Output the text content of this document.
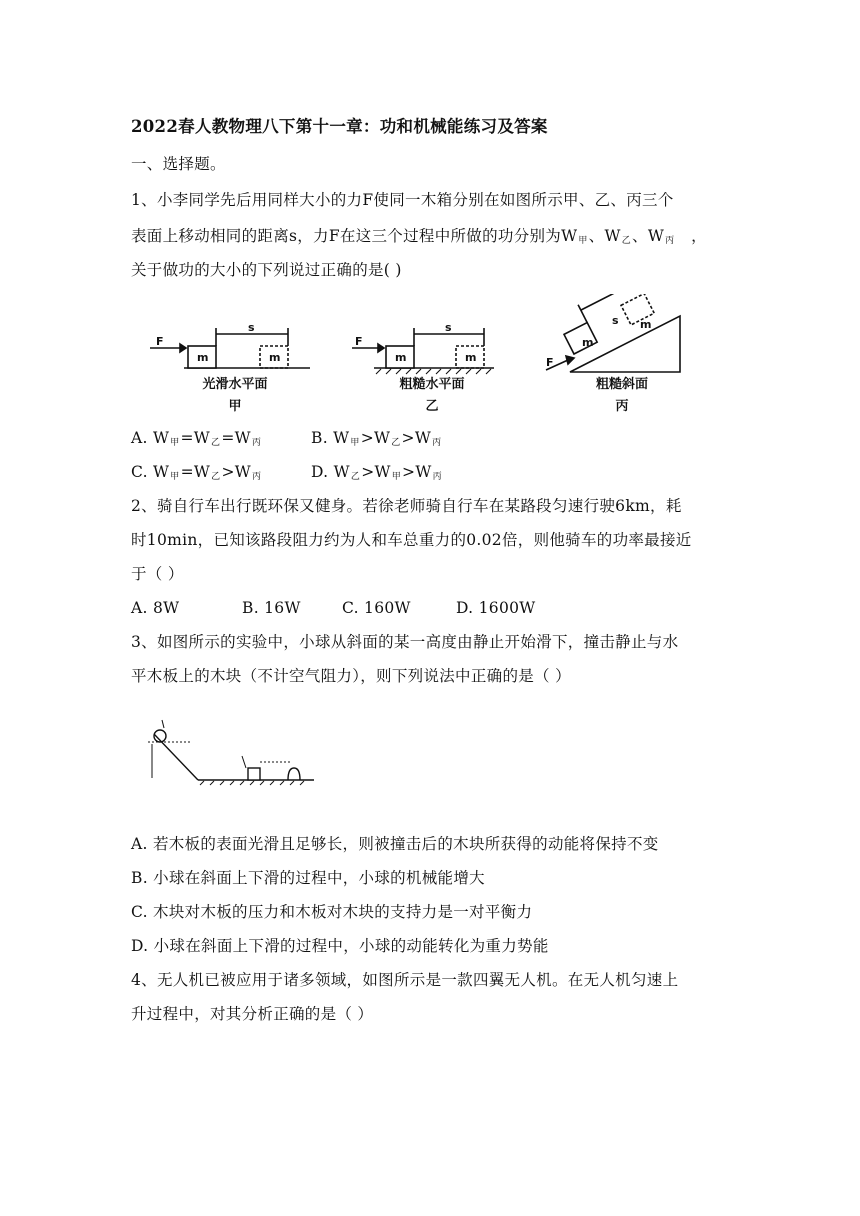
2022春人教物理八下第十一章：功和机械能练习及答案
一、选择题。
1、小李同学先后用同样大小的力F使同一木箱分别在如图所示甲、乙、丙三个
表面上移动相同的距离s，力F在这三个过程中所做的功分别为$W_甲$、$W_乙$、$W_丙$ ，
关于做功的大小的下列说过正确的是( )
F
m	m
s
F
m	m
s
F
m
m
s
光滑水平面
甲
粗糙水平面
乙
粗糙斜面
丙
A. $W_甲=W_乙=W_丙$	B. $W_甲>W_乙>W_丙$
C. $W_甲=W_乙>W_丙$	D. $W_乙>W_甲>W_丙$
2、骑自行车出行既环保又健身。若徐老师骑自行车在某路段匀速行驶6km，耗
时10min，已知该路段阻力约为人和车总重力的0.02倍，则他骑车的功率最接近
于（ ）
A. 8W	B. 16W	C. 160W	D. 1600W
3、如图所示的实验中，小球从斜面的某一高度由静止开始滑下，撞击静止与水
平木板上的木块（不计空气阻力），则下列说法中正确的是（ ）
A. 若木板的表面光滑且足够长，则被撞击后的木块所获得的动能将保持不变
B. 小球在斜面上下滑的过程中，小球的机械能增大
C. 木块对木板的压力和木板对木块的支持力是一对平衡力
D. 小球在斜面上下滑的过程中，小球的动能转化为重力势能
4、无人机已被应用于诸多领域，如图所示是一款四翼无人机。在无人机匀速上
升过程中，对其分析正确的是（ ）
